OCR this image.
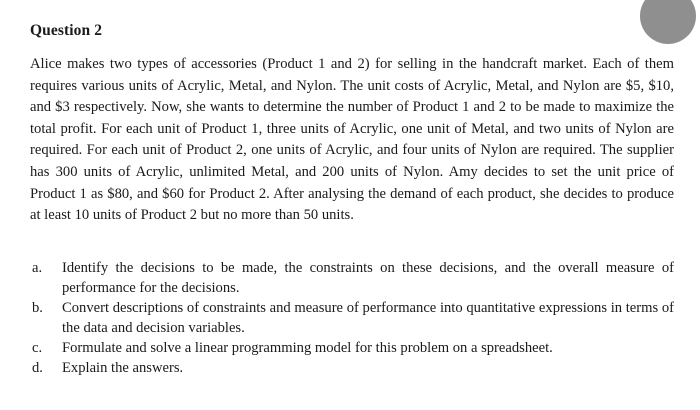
Question 2

Alice makes two types of accessories (Product 1 and 2) for selling in the handcraft market. Each of them requires various units of Acrylic, Metal, and Nylon. The unit costs of Acrylic, Metal, and Nylon are $5, $10, and $3 respectively. Now, she wants to determine the number of Product 1 and 2 to be made to maximize the total profit. For each unit of Product 1, three units of Acrylic, one unit of Metal, and two units of Nylon are required. For each unit of Product 2, one units of Acrylic, and four units of Nylon are required. The supplier has 300 units of Acrylic, unlimited Metal, and 200 units of Nylon. Amy decides to set the unit price of Product 1 as $80, and $60 for Product 2. After analysing the demand of each product, she decides to produce at least 10 units of Product 2 but no more than 50 units.

a.	Identify the decisions to be made, the constraints on these decisions, and the overall measure of performance for the decisions.
b.	Convert descriptions of constraints and measure of performance into quantitative expressions in terms of the data and decision variables.
c.	Formulate and solve a linear programming model for this problem on a spreadsheet.
d.	Explain the answers.
